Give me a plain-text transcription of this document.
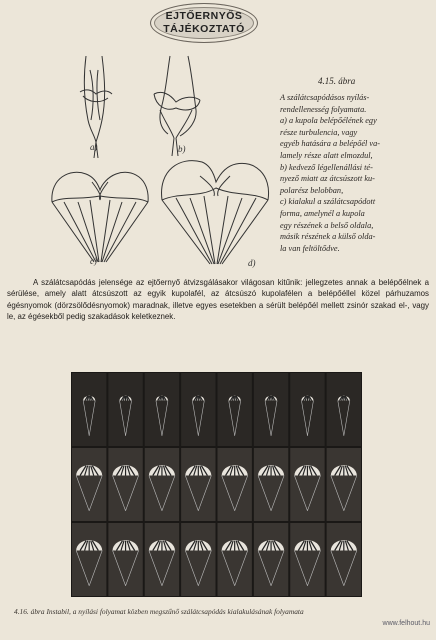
EJTŐERNYŐS
TÁJÉKOZTATÓ
a)	b)
c)	d)
4.15. ábra

A szálátcsapódásos nyílás-

rendellenesség folyamata.

a) a kupola belépőélének egy

része turbulencia, vagy

egyéb hatására a belépőél va-

lamely része alatt elmozdul,

b) kedvező légellenállási té-

nyező miatt az átcsúszott ku-

polarész belobban,

c) kialakul a szálátcsapódott

forma, amelynél a kupola

egy részének a belső oldala,

másik részének a külső olda-

la van feltöltődve.

A szálátcsapódás jelensége az ejtőernyő átvizsgálásakor világosan kitűnik: jellegzetes annak a belépőélnek a sérülése, amely alatt átcsúszott az egyik kupolafél, az átcsúszó kupolafélen a belépőéllel közel párhuzamos égésnyomok (dörzsölődésnyomok) maradnak, illetve egyes esetekben a sérült belépőél mellett zsinór szakad el-, vagy le, az égésekből pedig szakadások keletkeznek.

4.16. ábra Instabil, a nyílási folyamat közben megszűnő szálátcsapódás kialakulásának folyamata
www.felhout.hu
